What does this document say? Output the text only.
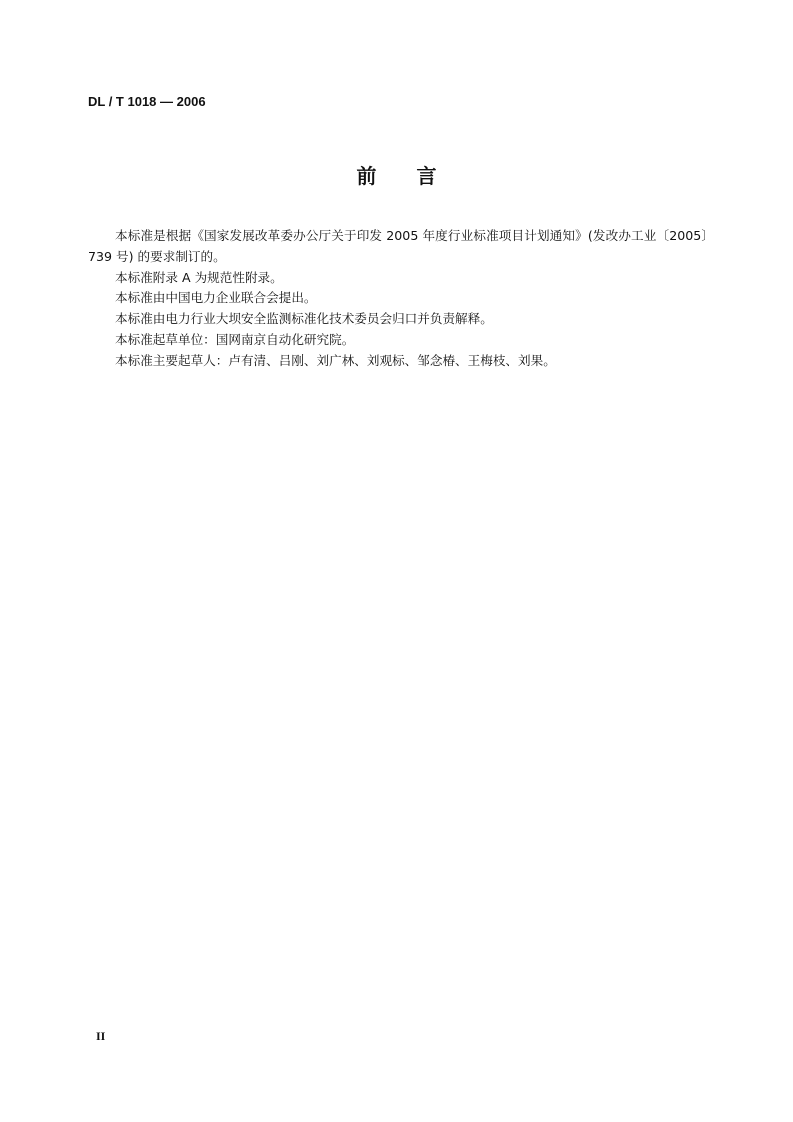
DL / T 1018 — 2006
前 言

本标准是根据《国家发展改革委办公厅关于印发 2005 年度行业标准项目计划通知》(发改办工业〔2005〕739 号) 的要求制订的。

本标准附录 A 为规范性附录。

本标准由中国电力企业联合会提出。

本标准由电力行业大坝安全监测标准化技术委员会归口并负责解释。

本标准起草单位：国网南京自动化研究院。

本标准主要起草人：卢有清、吕刚、刘广林、刘观标、邹念椿、王梅枝、刘果。

II
